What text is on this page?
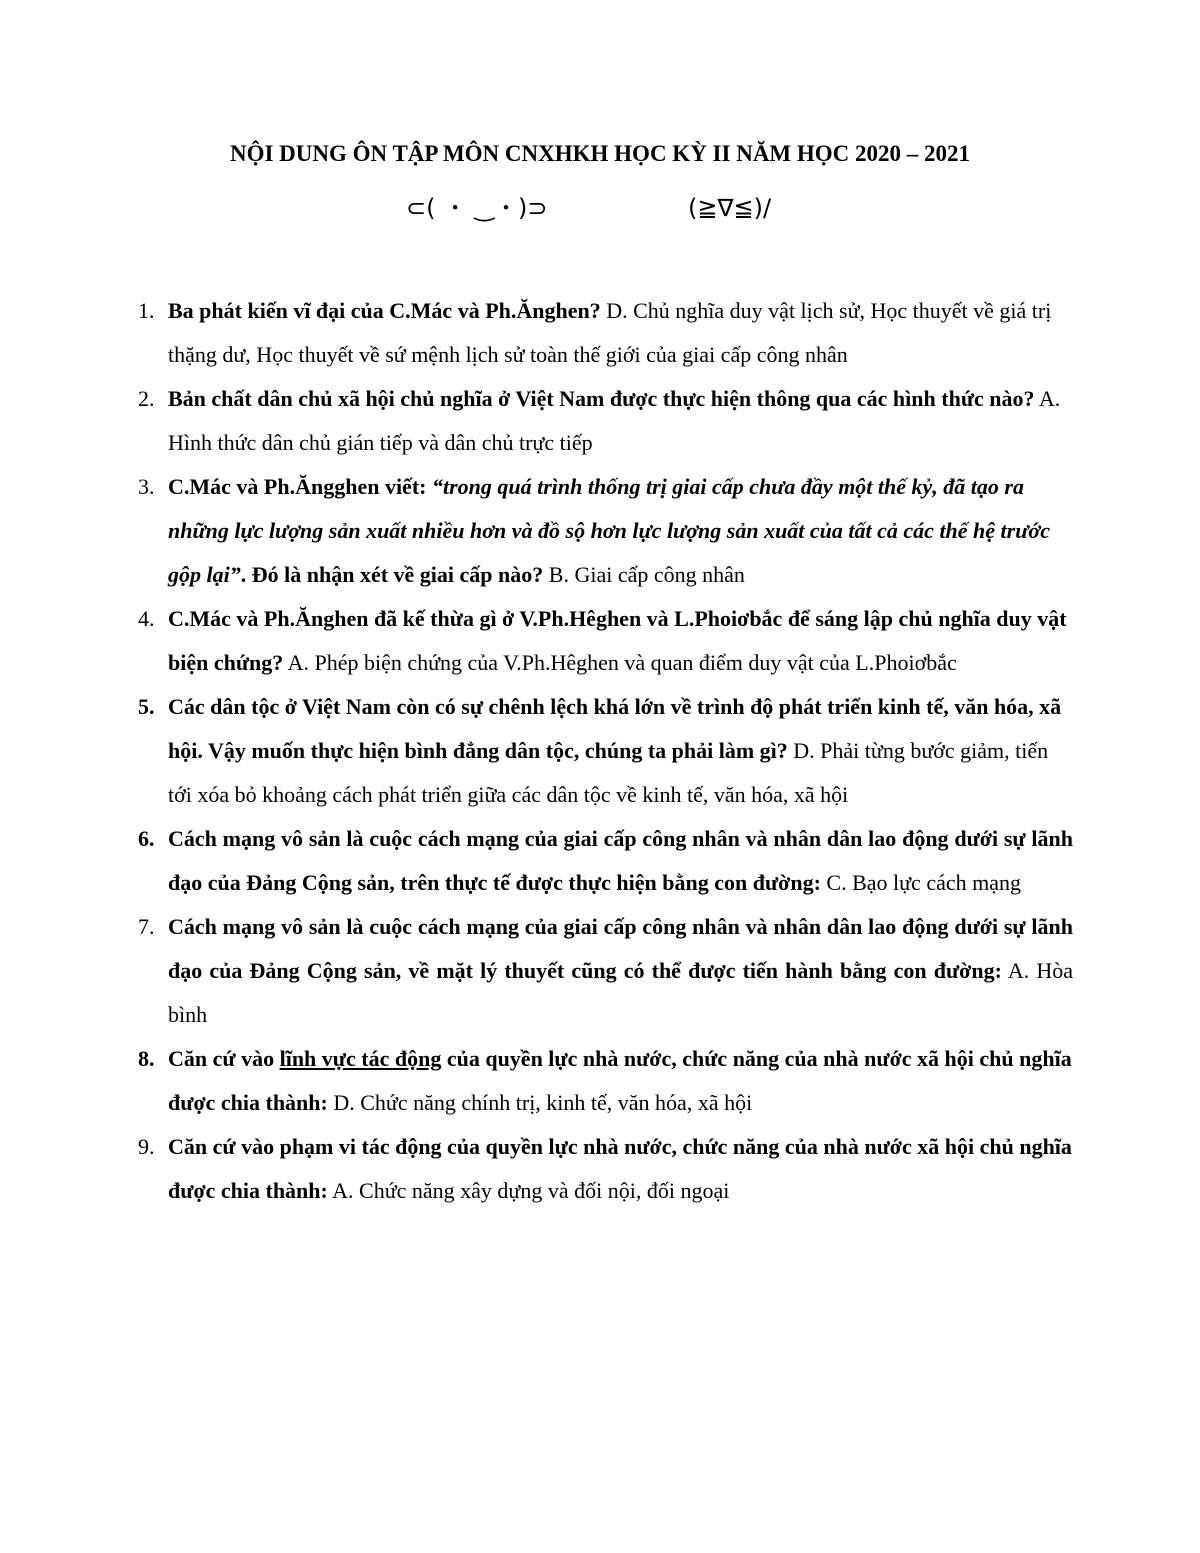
NỘI DUNG ÔN TẬP MÔN CNXHKH HỌC KỲ II NĂM HỌC 2020 – 2021
⊂( ・ ‿・)⊃	(≧∇≦)/
1. Ba phát kiến vĩ đại của C.Mác và Ph.Ănghen? D. Chủ nghĩa duy vật lịch sử, Học thuyết về giá trị thặng dư, Học thuyết về sứ mệnh lịch sử toàn thế giới của giai cấp công nhân
2. Bản chất dân chủ xã hội chủ nghĩa ở Việt Nam được thực hiện thông qua các hình thức nào? A. Hình thức dân chủ gián tiếp và dân chủ trực tiếp
3. C.Mác và Ph.Ăngghen viết: “trong quá trình thống trị giai cấp chưa đầy một thế kỷ, đã tạo ra những lực lượng sản xuất nhiều hơn và đồ sộ hơn lực lượng sản xuất của tất cả các thế hệ trước gộp lại”. Đó là nhận xét về giai cấp nào? B. Giai cấp công nhân
4. C.Mác và Ph.Ănghen đã kế thừa gì ở V.Ph.Hêghen và L.Phoiơbắc để sáng lập chủ nghĩa duy vật biện chứng? A. Phép biện chứng của V.Ph.Hêghen và quan điểm duy vật của L.Phoiơbắc
5. Các dân tộc ở Việt Nam còn có sự chênh lệch khá lớn về trình độ phát triển kinh tế, văn hóa, xã hội. Vậy muốn thực hiện bình đẳng dân tộc, chúng ta phải làm gì? D. Phải từng bước giảm, tiến tới xóa bỏ khoảng cách phát triển giữa các dân tộc về kinh tế, văn hóa, xã hội
6. Cách mạng vô sản là cuộc cách mạng của giai cấp công nhân và nhân dân lao động dưới sự lãnh đạo của Đảng Cộng sản, trên thực tế được thực hiện bằng con đường: C. Bạo lực cách mạng
7. Cách mạng vô sản là cuộc cách mạng của giai cấp công nhân và nhân dân lao động dưới sự lãnh đạo của Đảng Cộng sản, về mặt lý thuyết cũng có thể được tiến hành bằng con đường: A. Hòa bình
8. Căn cứ vào lĩnh vực tác động của quyền lực nhà nước, chức năng của nhà nước xã hội chủ nghĩa được chia thành: D. Chức năng chính trị, kinh tế, văn hóa, xã hội
9. Căn cứ vào phạm vi tác động của quyền lực nhà nước, chức năng của nhà nước xã hội chủ nghĩa được chia thành: A. Chức năng xây dựng và đối nội, đối ngoại
